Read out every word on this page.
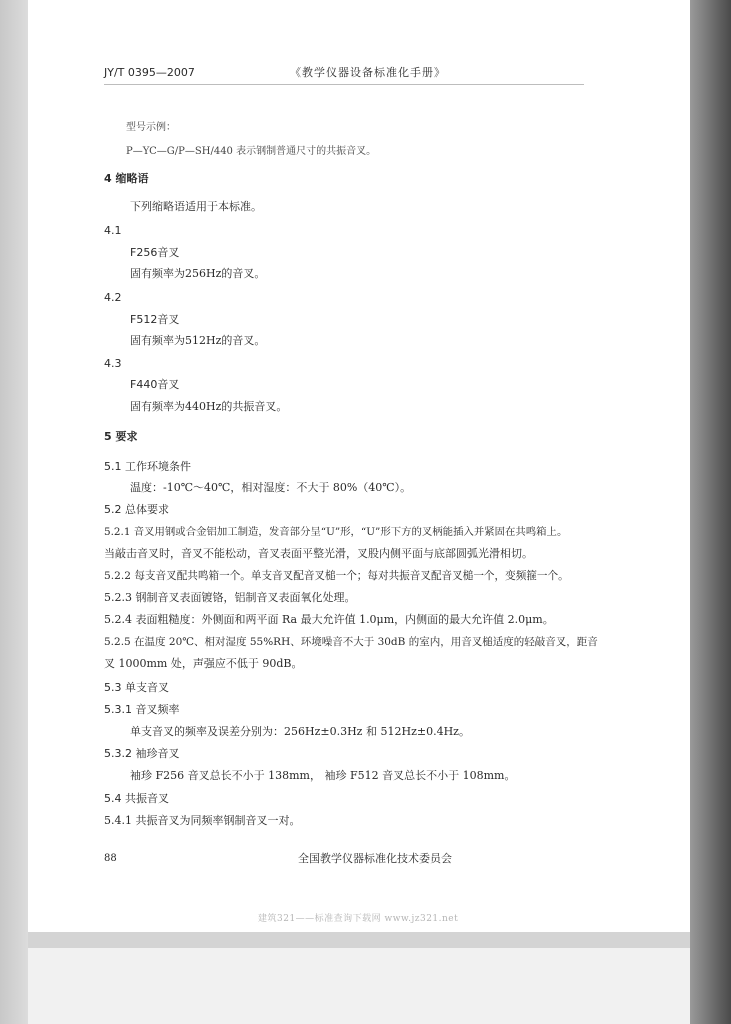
JY/T 0395—2007	《教学仪器设备标准化手册》
型号示例：
P—YC—G/P—SH/440 表示钢制普通尺寸的共振音叉。
4 缩略语
下列缩略语适用于本标准。
4.1
F256音叉
固有频率为256Hz的音叉。
4.2
F512音叉
固有频率为512Hz的音叉。
4.3
F440音叉
固有频率为440Hz的共振音叉。
5 要求
5.1 工作环境条件
温度：-10℃～40℃，相对湿度：不大于 80%（40℃）。
5.2 总体要求
5.2.1 音叉用钢或合金铝加工制造，发音部分呈“U”形，“U”形下方的叉柄能插入并紧固在共鸣箱上。
当敲击音叉时，音叉不能松动，音叉表面平整光滑，叉股内侧平面与底部圆弧光滑相切。
5.2.2 每支音叉配共鸣箱一个。单支音叉配音叉槌一个；每对共振音叉配音叉槌一个，变频箍一个。
5.2.3 钢制音叉表面镀铬，铝制音叉表面氧化处理。
5.2.4 表面粗糙度：外侧面和两平面 Ra 最大允许值 1.0μm，内侧面的最大允许值 2.0μm。
5.2.5 在温度 20℃、相对湿度 55%RH、环境噪音不大于 30dB 的室内，用音叉槌适度的轻敲音叉，距音
叉 1000mm 处，声强应不低于 90dB。
5.3 单支音叉
5.3.1 音叉频率
单支音叉的频率及误差分别为：256Hz±0.3Hz 和 512Hz±0.4Hz。
5.3.2 袖珍音叉
袖珍 F256 音叉总长不小于 138mm， 袖珍 F512 音叉总长不小于 108mm。
5.4 共振音叉
5.4.1 共振音叉为同频率钢制音叉一对。
88	全国教学仪器标准化技术委员会
建筑321——标准查询下载网 www.jz321.net
